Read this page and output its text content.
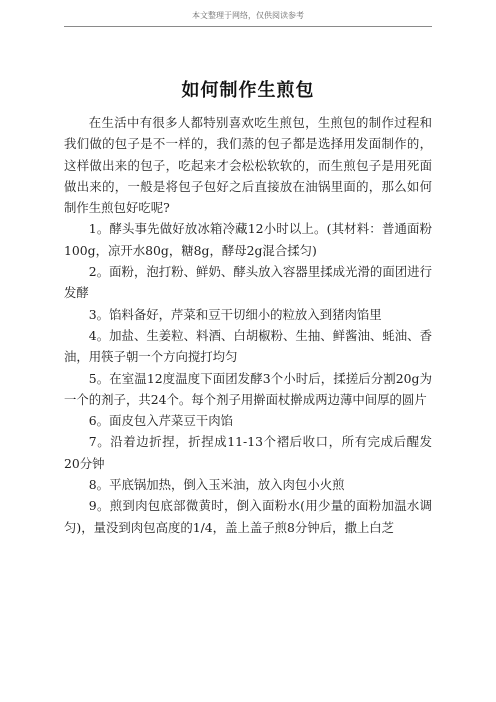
本文整理于网络，仅供阅读参考
如何制作生煎包

在生活中有很多人都特别喜欢吃生煎包，生煎包的制作过程和我们做的包子是不一样的，我们蒸的包子都是选择用发面制作的，这样做出来的包子，吃起来才会松松软软的，而生煎包子是用死面做出来的，一般是将包子包好之后直接放在油锅里面的，那么如何制作生煎包好吃呢?

1。酵头事先做好放冰箱冷藏12小时以上。(其材料：普通面粉100g，凉开水80g，糖8g，酵母2g混合揉匀)

2。面粉，泡打粉、鲜奶、酵头放入容器里揉成光滑的面团进行发酵

3。馅料备好，芹菜和豆干切细小的粒放入到猪肉馅里

4。加盐、生姜粒、料酒、白胡椒粉、生抽、鲜酱油、蚝油、香油，用筷子朝一个方向搅打均匀

5。在室温12度温度下面团发酵3个小时后，揉搓后分割20g为一个的剂子，共24个。每个剂子用擀面杖擀成两边薄中间厚的圆片

6。面皮包入芹菜豆干肉馅

7。沿着边折捏，折捏成11-13个褶后收口，所有完成后醒发20分钟

8。平底锅加热，倒入玉米油，放入肉包小火煎

9。煎到肉包底部微黄时，倒入面粉水(用少量的面粉加温水调匀)，量没到肉包高度的1/4，盖上盖子煎8分钟后，撒上白芝
